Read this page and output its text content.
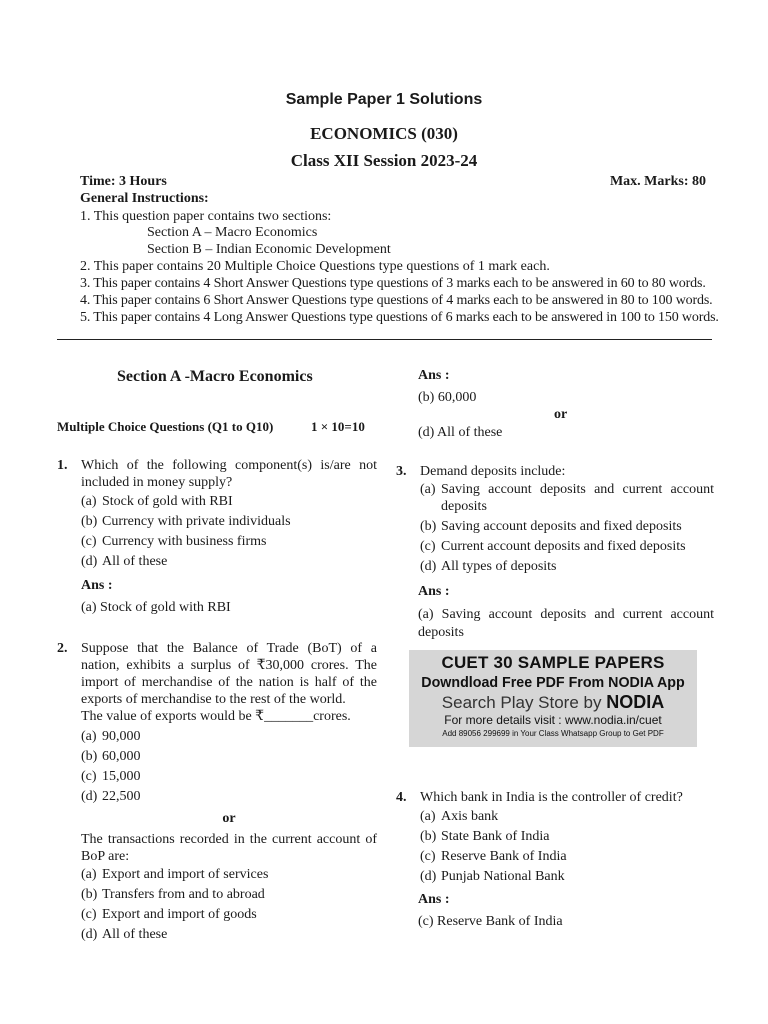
Sample Paper 1 Solutions
ECONOMICS (030)
Class XII Session 2023-24
Time: 3 Hours	Max. Marks: 80
General Instructions:
1. This question paper contains two sections:
Section A – Macro Economics
Section B – Indian Economic Development
2. This paper contains 20 Multiple Choice Questions type questions of 1 mark each.
3. This paper contains 4 Short Answer Questions type questions of 3 marks each to be answered in 60 to 80 words.
4. This paper contains 6 Short Answer Questions type questions of 4 marks each to be answered in 80 to 100 words.
5. This paper contains 4 Long Answer Questions type questions of 6 marks each to be answered in 100 to 150 words.
Section A -Macro Economics
Multiple Choice Questions (Q1 to Q10)	1 × 10=10
1. Which of the following component(s) is/are not included in money supply?
(a) Stock of gold with RBI
(b) Currency with private individuals
(c) Currency with business firms
(d) All of these
Ans :
(a) Stock of gold with RBI
2. Suppose that the Balance of Trade (BoT) of a nation, exhibits a surplus of ₹30,000 crores. The import of merchandise of the nation is half of the exports of merchandise to the rest of the world.
The value of exports would be ₹_______crores.
(a) 90,000
(b) 60,000
(c) 15,000
(d) 22,500
or
The transactions recorded in the current account of BoP are:
(a) Export and import of services
(b) Transfers from and to abroad
(c) Export and import of goods
(d) All of these
Ans :
(b) 60,000
or
(d) All of these
3. Demand deposits include:
(a) Saving account deposits and current account deposits
(b) Saving account deposits and fixed deposits
(c) Current account deposits and fixed deposits
(d) All types of deposits
Ans :
(a) Saving account deposits and current account deposits
CUET 30 SAMPLE PAPERS
Downdload Free PDF From NODIA App
Search Play Store by NODIA
For more details visit : www.nodia.in/cuet
Add 89056 299699 in Your Class Whatsapp Group to Get PDF
4. Which bank in India is the controller of credit?
(a) Axis bank
(b) State Bank of India
(c) Reserve Bank of India
(d) Punjab National Bank
Ans :
(c) Reserve Bank of India
